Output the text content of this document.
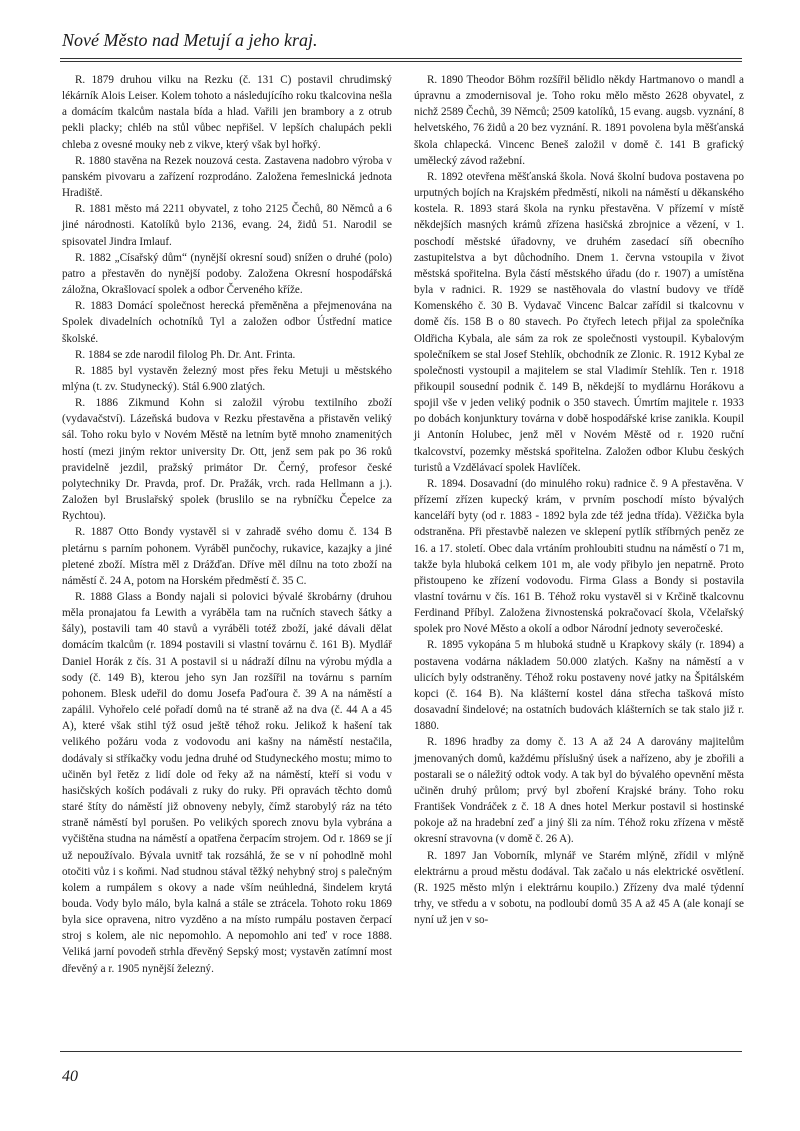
Nové Město nad Metují a jeho kraj.

R. 1879 druhou vilku na Rezku (č. 131 C) postavil chrudimský lékárník Alois Leiser. Kolem tohoto a následujícího roku tkalcovina nešla a domácím tkalcům nastala bída a hlad. Vařili jen brambory a z otrub pekli placky; chléb na stůl vůbec nepřišel. V lepších chalupách pekli chleba z ovesné mouky neb z vikve, který však byl hořký.

R. 1880 stavěna na Rezek nouzová cesta. Zastavena nadobro výroba v panském pivovaru a zařízení rozprodáno. Založena řemeslnická jednota Hradiště.

R. 1881 město má 2211 obyvatel, z toho 2125 Čechů, 80 Němců a 6 jiné národnosti. Katolíků bylo 2136, evang. 24, židů 51. Narodil se spisovatel Jindra Imlauf.

R. 1882 „Císařský dům“ (nynější okresní soud) snížen o druhé (polo) patro a přestavěn do nynější podoby. Založena Okresní hospodářská záložna, Okrašlovací spolek a odbor Červeného kříže.

R. 1883 Domácí společnost herecká přeměněna a přejmenována na Spolek divadelních ochotníků Tyl a založen odbor Ústřední matice školské.

R. 1884 se zde narodil filolog Ph. Dr. Ant. Frinta.

R. 1885 byl vystavěn železný most přes řeku Metuji u městského mlýna (t. zv. Studynecký). Stál 6.900 zlatých.

R. 1886 Zikmund Kohn si založil výrobu textilního zboží (vydavačství). Lázeňská budova v Rezku přestavěna a přistavěn veliký sál. Toho roku bylo v Novém Městě na letním bytě mnoho znamenitých hostí (mezi jiným rektor university Dr. Ott, jenž sem pak po 36 roků pravidelně jezdil, pražský primátor Dr. Černý, profesor české polytechniky Dr. Pravda, prof. Dr. Pražák, vrch. rada Hellmann a j.). Založen byl Bruslařský spolek (bruslilo se na rybníčku Čepelce za Rychtou).

R. 1887 Otto Bondy vystavěl si v zahradě svého domu č. 134 B pletárnu s parním pohonem. Vyráběl punčochy, rukavice, kazajky a jiné pletené zboží. Místra měl z Drážďan. Dříve měl dílnu na toto zboží na náměstí č. 24 A, potom na Horském předměstí č. 35 C.

R. 1888 Glass a Bondy najali si polovici bývalé škrobárny (druhou měla pronajatou fa Lewith a vyráběla tam na ručních stavech šátky a šály), postavili tam 40 stavů a vyráběli totéž zboží, jaké dávali dělat domácím tkalcům (r. 1894 postavili si vlastní továrnu č. 161 B). Mydlář Daniel Horák z čís. 31 A postavil si u nádraží dílnu na výrobu mýdla a sody (č. 149 B), kterou jeho syn Jan rozšířil na továrnu s parním pohonem. Blesk udeřil do domu Josefa Paďoura č. 39 A na náměstí a zapálil. Vyhořelo celé pořadí domů na té straně až na dva (č. 44 A a 45 A), které však stihl týž osud ještě téhož roku. Jelikož k hašení tak velikého požáru voda z vodovodu ani kašny na náměstí nestačila, dodávaly si stříkačky vodu jedna druhé od Studyneckého mostu; mimo to učiněn byl řetěz z lidí dole od řeky až na náměstí, kteří si vodu v hasičských koších podávali z ruky do ruky. Při opravách těchto domů staré štíty do náměstí již obnoveny nebyly, čímž starobylý ráz na této straně náměstí byl porušen. Po velikých sporech znovu byla vybrána a vyčištěna studna na náměstí a opatřena čerpacím strojem. Od r. 1869 se jí už nepoužívalo. Bývala uvnitř tak rozsáhlá, že se v ní pohodlně mohl otočiti vůz i s koňmi. Nad studnou stával těžký nehybný stroj s palečným kolem a rumpálem s okovy a nade vším neúhledná, šindelem krytá bouda. Vody bylo málo, byla kalná a stále se ztrácela. Tohoto roku 1869 byla sice opravena, nitro vyzděno a na místo rumpálu postaven čerpací stroj s kolem, ale nic nepomohlo. A nepomohlo ani teď v roce 1888. Veliká jarní povodeň strhla dřevěný Sepský most; vystavěn zatímní most dřevěný a r. 1905 nynější železný.

R. 1890 Theodor Böhm rozšířil bělidlo někdy Hartmanovo o mandl a úpravnu a zmodernisoval je. Toho roku mělo město 2628 obyvatel, z nichž 2589 Čechů, 39 Němců; 2509 katolíků, 15 evang. augsb. vyznání, 8 helvetského, 76 židů a 20 bez vyznání. R. 1891 povolena byla měšťanská škola chlapecká. Vincenc Beneš založil v domě č. 141 B grafický umělecký závod ražební.

R. 1892 otevřena měšťanská škola. Nová školní budova postavena po urputných bojích na Krajském předměstí, nikoli na náměstí u děkanského kostela. R. 1893 stará škola na rynku přestavěna. V přízemí v místě někdejších masných krámů zřízena hasičská zbrojnice a vězení, v 1. poschodí městské úřadovny, ve druhém zasedací síň obecního zastupitelstva a byt důchodního. Dnem 1. června vstoupila v život městská spořitelna. Byla částí městského úřadu (do r. 1907) a umístěna byla v radnici. R. 1929 se nastěhovala do vlastní budovy ve třídě Komenského č. 30 B. Vydavač Vincenc Balcar zařídil si tkalcovnu v domě čís. 158 B o 80 stavech. Po čtyřech letech přijal za společníka Oldřicha Kybala, ale sám za rok ze společnosti vystoupil. Kybalovým společníkem se stal Josef Stehlík, obchodník ze Zlonic. R. 1912 Kybal ze společnosti vystoupil a majitelem se stal Vladimír Stehlík. Ten r. 1918 přikoupil sousední podnik č. 149 B, někdejší to mydlárnu Horákovu a spojil vše v jeden veliký podnik o 350 stavech. Úmrtím majitele r. 1933 po dobách konjunktury továrna v době hospodářské krise zanikla. Koupil ji Antonín Holubec, jenž měl v Novém Městě od r. 1920 ruční tkalcovství, pozemky městská spořitelna. Založen odbor Klubu českých turistů a Vzdělávací spolek Havlíček.

R. 1894. Dosavadní (do minulého roku) radnice č. 9 A přestavěna. V přízemí zřízen kupecký krám, v prvním poschodí místo bývalých kanceláří byty (od r. 1883 - 1892 byla zde též jedna třída). Věžička byla odstraněna. Při přestavbě nalezen ve sklepení pytlík stříbrných peněz ze 16. a 17. století. Obec dala vrtáním prohloubiti studnu na náměstí o 71 m, takže byla hluboká celkem 101 m, ale vody přibylo jen nepatrně. Proto přistoupeno ke zřízení vodovodu. Firma Glass a Bondy si postavila vlastní továrnu v čís. 161 B. Téhož roku vystavěl si v Krčině tkalcovnu Ferdinand Příbyl. Založena živnostenská pokračovací škola, Včelařský spolek pro Nové Město a okolí a odbor Národní jednoty severočeské.

R. 1895 vykopána 5 m hluboká studně u Krapkovy skály (r. 1894) a postavena vodárna nákladem 50.000 zlatých. Kašny na náměstí a v ulicích byly odstraněny. Téhož roku postaveny nové jatky na Špitálském kopci (č. 164 B). Na klášterní kostel dána střecha tašková místo dosavadní šindelové; na ostatních budovách klášterních se tak stalo již r. 1880.

R. 1896 hradby za domy č. 13 A až 24 A darovány majitelům jmenovaných domů, každému příslušný úsek a nařízeno, aby je zbořili a postarali se o náležitý odtok vody. A tak byl do bývalého opevnění města učiněn druhý průlom; prvý byl zboření Krajské brány. Toho roku František Vondráček z č. 18 A dnes hotel Merkur postavil si hostinské pokoje až na hradební zeď a jiný šli za ním. Téhož roku zřízena v městě okresní stravovna (v domě č. 26 A).

R. 1897 Jan Voborník, mlynář ve Starém mlýně, zřídil v mlýně elektrárnu a proud městu dodával. Tak začalo u nás elektrické osvětlení. (R. 1925 město mlýn i elektrárnu koupilo.) Zřízeny dva malé týdenní trhy, ve středu a v sobotu, na podloubí domů 35 A až 45 A (ale konají se nyní už jen v so-

40
